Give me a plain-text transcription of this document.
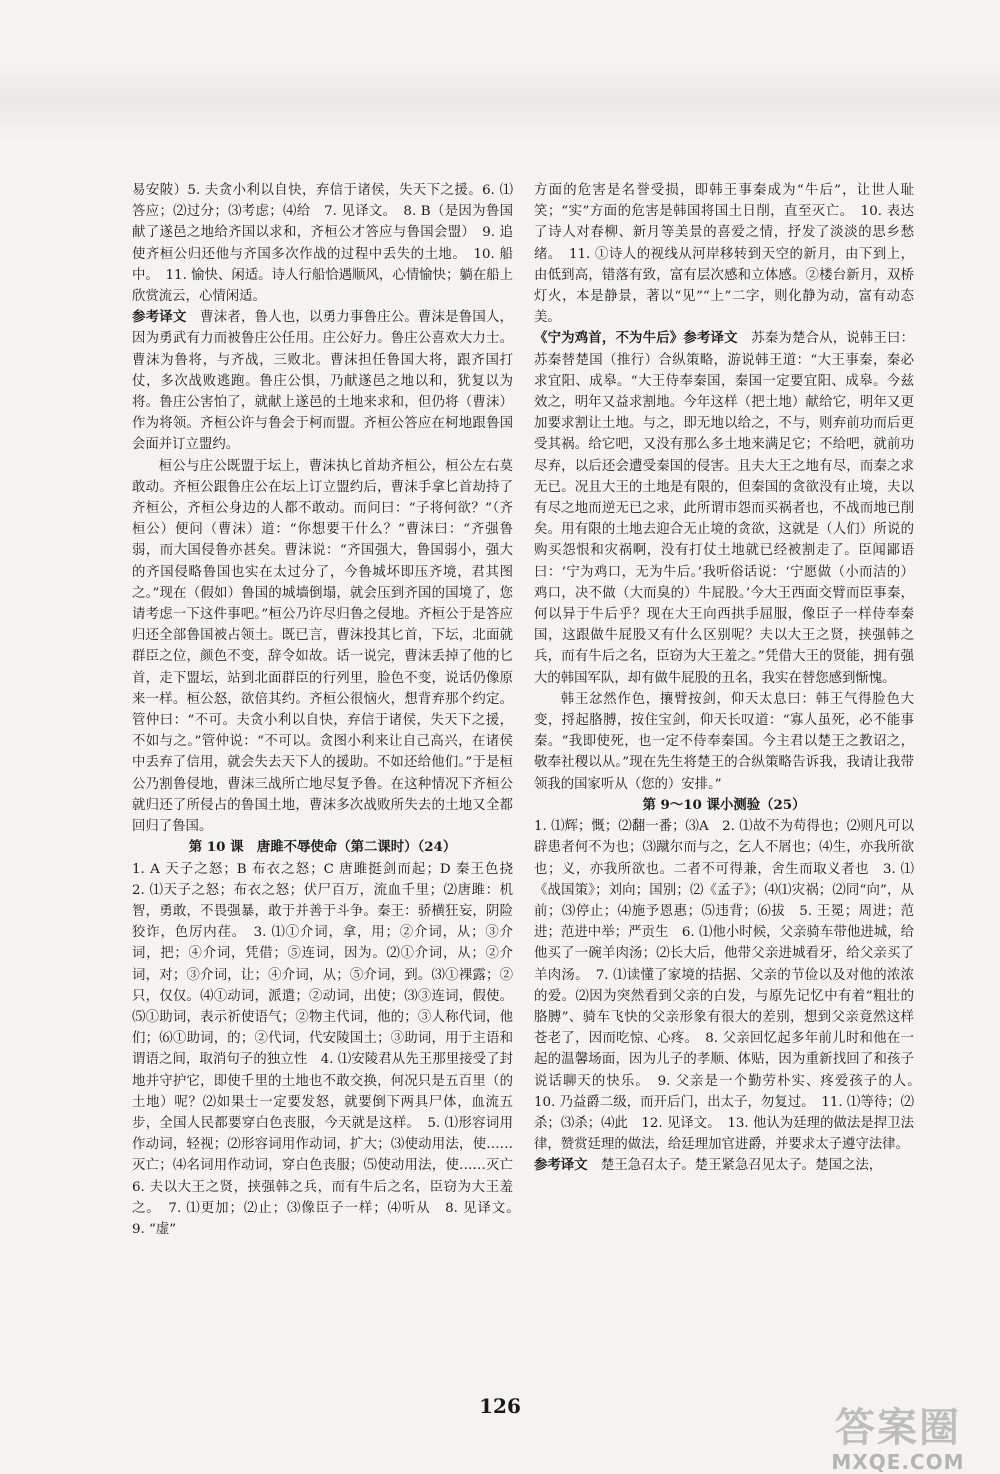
易安陂）5. 夫贪小利以自快，弃信于诸侯，失天下之援。6. ⑴答应；⑵过分；⑶考虑；⑷给　7. 见译文。　8. B（是因为鲁国献了遂邑之地给齐国以求和，齐桓公才答应与鲁国会盟）　9. 追使齐桓公归还他与齐国多次作战的过程中丢失的土地。　10. 船中。　11. 愉快、闲适。诗人行船恰遇顺风，心情愉快；躺在船上欣赏流云，心情闲适。

参考译文　 曹沫者，鲁人也，以勇力事鲁庄公。曹沫是鲁国人，因为勇武有力而被鲁庄公任用。庄公好力。鲁庄公喜欢大力士。曹沫为鲁将，与齐战，三败北。曹沫担任鲁国大将，跟齐国打仗，多次战败逃跑。鲁庄公惧，乃献遂邑之地以和，犹复以为将。鲁庄公害怕了，就献上遂邑的土地来求和，但仍将（曹沫）作为将领。齐桓公许与鲁会于柯而盟。齐桓公答应在柯地跟鲁国会面并订立盟约。

桓公与庄公既盟于坛上，曹沫执匕首劫齐桓公，桓公左右莫敢动。齐桓公跟鲁庄公在坛上订立盟约后，曹沫手拿匕首劫持了齐桓公，齐桓公身边的人都不敢动。而问曰：“子将何欲？”（齐桓公）便问（曹沫）道：“你想要干什么？”曹沫曰：“齐强鲁弱，而大国侵鲁亦甚矣。曹沫说：“齐国强大，鲁国弱小，强大的齐国侵略鲁国也实在太过分了，今鲁城坏即压齐境，君其图之。”现在（假如）鲁国的城墙倒塌，就会压到齐国的国境了，您请考虑一下这件事吧。”桓公乃许尽归鲁之侵地。齐桓公于是答应归还全部鲁国被占领土。既已言，曹沫投其匕首，下坛，北面就群臣之位，颜色不变，辞令如故。话一说完，曹沫丢掉了他的匕首，走下盟坛，站到北面群臣的行列里，脸色不变，说话仍像原来一样。桓公怒，欲倍其约。齐桓公很恼火，想背弃那个约定。管仲曰：“不可。夫贪小利以自快，弃信于诸侯，失天下之援，不如与之。”管仲说：“不可以。贪图小利来让自己高兴，在诸侯中丢弃了信用，就会失去天下人的援助。不如还给他们。”于是桓公乃割鲁侵地，曹沫三战所亡地尽复予鲁。在这种情况下齐桓公就归还了所侵占的鲁国土地，曹沫多次战败所失去的土地又全都回归了鲁国。

第 10 课　唐雎不辱使命（第二课时）（24）

1. A 天子之怒；B 布衣之怒；C 唐雎挺剑而起；D 秦王色挠　2. ⑴天子之怒；布衣之怒；伏尸百万，流血千里；⑵唐雎：机智，勇敢，不畏强暴，敢于并善于斗争。秦王：骄横狂妄，阴险狡诈，色厉内荏。　3. ⑴①介词，拿，用；②介词，从；③介词，把；④介词，凭借；⑤连词，因为。⑵①介词，从；②介词，对；③介词，让；④介词，从；⑤介词，到。⑶①裸露；②只，仅仅。⑷①动词，派遣；②动词，出使；⑶③连词，假使。⑸①助词，表示祈使语气；②物主代词，他的；③人称代词，他们；⑹①助词，的；②代词，代安陵国土；③助词，用于主语和谓语之间，取消句子的独立性　4. ⑴安陵君从先王那里接受了封地并守护它，即使千里的土地也不敢交换，何况只是五百里（的土地）呢？⑵如果士一定要发怒，就要倒下两具尸体，血流五步，全国人民都要穿白色丧服，今天就是这样。　5. ⑴形容词用作动词，轻视；⑵形容词用作动词，扩大；⑶使动用法，使……灭亡；⑷名词用作动词，穿白色丧服；⑸使动用法，使……灭亡　6. 夫以大王之贤，挟强韩之兵，而有牛后之名，臣窃为大王羞之。　7. ⑴更加；⑵止；⑶像臣子一样；⑷听从　8. 见译文。　9. “虚”

方面的危害是名誉受损，即韩王事秦成为“牛后”，让世人耻笑；“实”方面的危害是韩国将国土日削，直至灭亡。　10. 表达了诗人对春柳、新月等美景的喜爱之情，抒发了淡淡的思乡愁绪。　11. ①诗人的视线从河岸移转到天空的新月，由下到上，由低到高，错落有致，富有层次感和立体感。②楼台新月，双桥灯火，本是静景，著以“见”“上”二字，则化静为动，富有动态美。

《宁为鸡首，不为牛后》参考译文　 苏秦为楚合从，说韩王曰：苏秦替楚国（推行）合纵策略，游说韩王道：“大王事秦，秦必求宜阳、成皋。“大王侍奉秦国，秦国一定要宜阳、成皋。今兹效之，明年又益求割地。今年这样（把土地）献给它，明年又更加要求割让土地。与之，即无地以给之，不与，则弃前功而后更受其祸。给它吧，又没有那么多土地来满足它；不给吧，就前功尽弃，以后还会遭受秦国的侵害。且夫大王之地有尽，而秦之求无已。况且大王的土地是有限的，但秦国的贪欲没有止境，夫以有尽之地而逆无已之求，此所谓市怨而买祸者也，不战而地已削矣。用有限的土地去迎合无止境的贪欲，这就是（人们）所说的购买怨恨和灾祸啊，没有打仗土地就已经被割走了。臣闻鄙语曰：‘宁为鸡口，无为牛后。’我听俗话说：‘宁愿做（小而洁的）鸡口，决不做（大而臭的）牛屁股。’今大王西面交臂而臣事秦，何以异于牛后乎？现在大王向西拱手屈服，像臣子一样侍奉秦国，这跟做牛屁股又有什么区别呢？夫以大王之贤，挟强韩之兵，而有牛后之名，臣窃为大王羞之。”凭借大王的贤能，拥有强大的韩国军队，却有做牛屁股的丑名，我实在替您感到惭愧。

韩王忿然作色，攘臂按剑，仰天太息曰：韩王气得脸色大变，捋起胳膊，按住宝剑，仰天长叹道：“寡人虽死，必不能事秦。“我即使死，也一定不侍奉秦国。今主君以楚王之教诏之，敬奉社稷以从。”现在先生将楚王的合纵策略告诉我，我请让我带领我的国家听从（您的）安排。”

第 9～10 课小测验（25）

1. ⑴辉；慨；⑵翻一番；⑶A　2. ⑴故不为苟得也；⑵则凡可以辟患者何不为也；⑶蹴尔而与之，乞人不屑也；⑷生，亦我所欲也；义，亦我所欲也。二者不可得兼，舍生而取义者也　3. ⑴《战国策》；刘向；国别；⑵《孟子》；⑷⑴灾祸；⑵同“向”，从前；⑶停止；⑷施予恩惠；⑸违背；⑹拔　5. 王冕；周进；范进；范进中举；严贡生　6. ⑴他小时候，父亲骑车带他进城，给他买了一碗羊肉汤；⑵长大后，他带父亲进城看牙，给父亲买了羊肉汤。　7. ⑴读懂了家境的拮据、父亲的节俭以及对他的浓浓的爱。⑵因为突然看到父亲的白发，与原先记忆中有着“粗壮的胳膊”、骑车飞快的父亲形象有很大的差别，想到父亲竟然这样苍老了，因而吃惊、心疼。　8. 父亲回忆起多年前儿时和他在一起的温馨场面，因为儿子的孝顺、体贴，因为重新找回了和孩子说话聊天的快乐。　9. 父亲是一个勤劳朴实、疼爱孩子的人。　10. 乃益爵二级，而开后门，出太子，勿复过。　11. ⑴等待；⑵杀；⑶杀；⑷此　12. 见译文。　13. 他认为廷理的做法是捍卫法律，赞赏廷理的做法，给廷理加官进爵，并要求太子遵守法律。

参考译文　 楚王急召太子。楚王紧急召见太子。楚国之法，

126	答案圈
MXQE.COM
